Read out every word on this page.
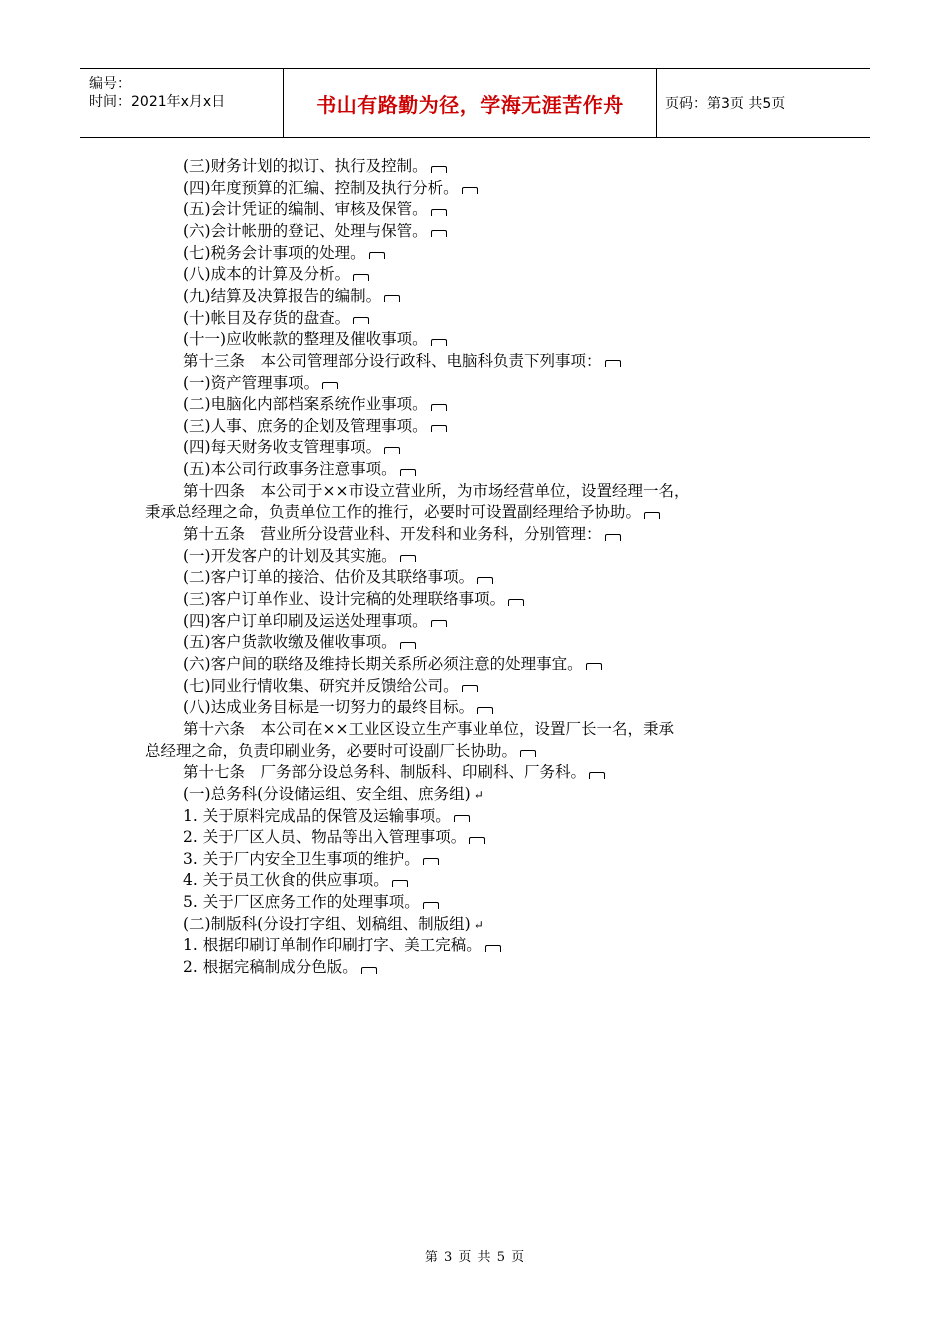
编号：
时间：2021年x月x日	书山有路勤为径，学海无涯苦作舟	页码：第3页 共5页
(三)财务计划的拟订、执行及控制。
(四)年度预算的汇编、控制及执行分析。
(五)会计凭证的编制、审核及保管。
(六)会计帐册的登记、处理与保管。
(七)税务会计事项的处理。
(八)成本的计算及分析。
(九)结算及决算报告的编制。
(十)帐目及存货的盘查。
(十一)应收帐款的整理及催收事项。
第十三条　本公司管理部分设行政科、电脑科负责下列事项：
(一)资产管理事项。
(二)电脑化内部档案系统作业事项。
(三)人事、庶务的企划及管理事项。
(四)每天财务收支管理事项。
(五)本公司行政事务注意事项。
第十四条　本公司于××市设立营业所，为市场经营单位，设置经理一名，
秉承总经理之命，负责单位工作的推行，必要时可设置副经理给予协助。
第十五条　营业所分设营业科、开发科和业务科，分别管理：
(一)开发客户的计划及其实施。
(二)客户订单的接洽、估价及其联络事项。
(三)客户订单作业、设计完稿的处理联络事项。
(四)客户订单印刷及运送处理事项。
(五)客户货款收缴及催收事项。
(六)客户间的联络及维持长期关系所必须注意的处理事宜。
(七)同业行情收集、研究并反馈给公司。
(八)达成业务目标是一切努力的最终目标。
第十六条　本公司在××工业区设立生产事业单位，设置厂长一名，秉承
总经理之命，负责印刷业务，必要时可设副厂长协助。
第十七条　厂务部分设总务科、制版科、印刷科、厂务科。
(一)总务科(分设储运组、安全组、庶务组) ↵
1. 关于原料完成品的保管及运输事项。
2. 关于厂区人员、物品等出入管理事项。
3. 关于厂内安全卫生事项的维护。
4. 关于员工伙食的供应事项。
5. 关于厂区庶务工作的处理事项。
(二)制版科(分设打字组、划稿组、制版组) ↵
1. 根据印刷订单制作印刷打字、美工完稿。
2. 根据完稿制成分色版。
第 3 页 共 5 页
